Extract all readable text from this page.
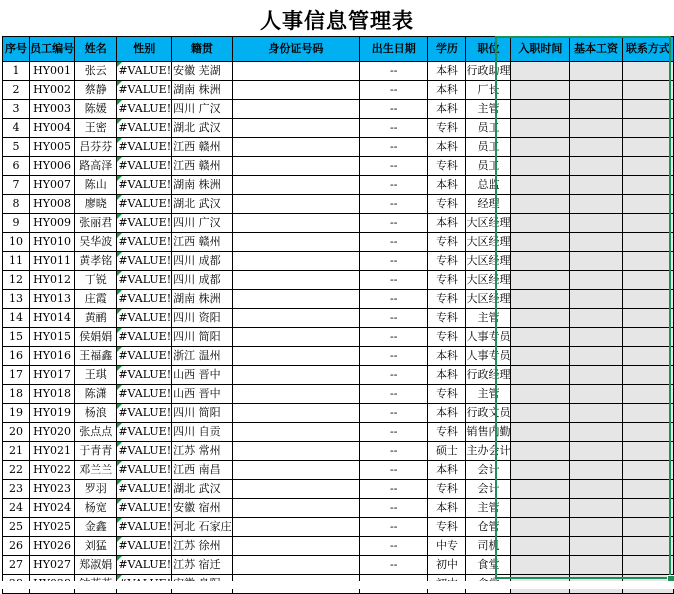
人事信息管理表
序号	员工编号	姓名	性别	籍贯	身份证号码	出生日期	学历	职位	入职时间	基本工资	联系方式
1	HY001	张云	#VALUE!	安徽 芜湖		--	本科	行政助理			
2	HY002	蔡静	#VALUE!	湖南 株洲		--	本科	厂长			
3	HY003	陈媛	#VALUE!	四川 广汉		--	本科	主管			
4	HY004	王密	#VALUE!	湖北 武汉		--	专科	员工			
5	HY005	吕芬芬	#VALUE!	江西 赣州		--	本科	员工			
6	HY006	路高泽	#VALUE!	江西 赣州		--	专科	员工			
7	HY007	陈山	#VALUE!	湖南 株洲		--	本科	总监			
8	HY008	廖晓	#VALUE!	湖北 武汉		--	专科	经理			
9	HY009	张丽君	#VALUE!	四川 广汉		--	本科	大区经理			
10	HY010	吴华波	#VALUE!	江西 赣州		--	专科	大区经理			
11	HY011	黄孝铭	#VALUE!	四川 成都		--	专科	大区经理			
12	HY012	丁锐	#VALUE!	四川 成都		--	专科	大区经理			
13	HY013	庄霞	#VALUE!	湖南 株洲		--	专科	大区经理			
14	HY014	黄鹂	#VALUE!	四川 资阳		--	专科	主管			
15	HY015	侯娟娟	#VALUE!	四川 简阳		--	专科	人事专员			
16	HY016	王福鑫	#VALUE!	浙江 温州		--	本科	人事专员			
17	HY017	王琪	#VALUE!	山西 晋中		--	本科	行政经理			
18	HY018	陈潇	#VALUE!	山西 晋中		--	专科	主管			
19	HY019	杨浪	#VALUE!	四川 简阳		--	本科	行政文员			
20	HY020	张点点	#VALUE!	四川 自贡		--	专科	销售内勤			
21	HY021	于青青	#VALUE!	江苏 常州		--	硕士	主办会计			
22	HY022	邓兰兰	#VALUE!	江西 南昌		--	本科	会计			
23	HY023	罗羽	#VALUE!	湖北 武汉		--	专科	会计			
24	HY024	杨宽	#VALUE!	安徽 宿州		--	本科	主管			
25	HY025	金鑫	#VALUE!	河北 石家庄		--	专科	仓管			
26	HY026	刘猛	#VALUE!	江苏 徐州		--	中专	司机			
27	HY027	郑淑娟	#VALUE!	江苏 宿迁		--	初中	食堂			
